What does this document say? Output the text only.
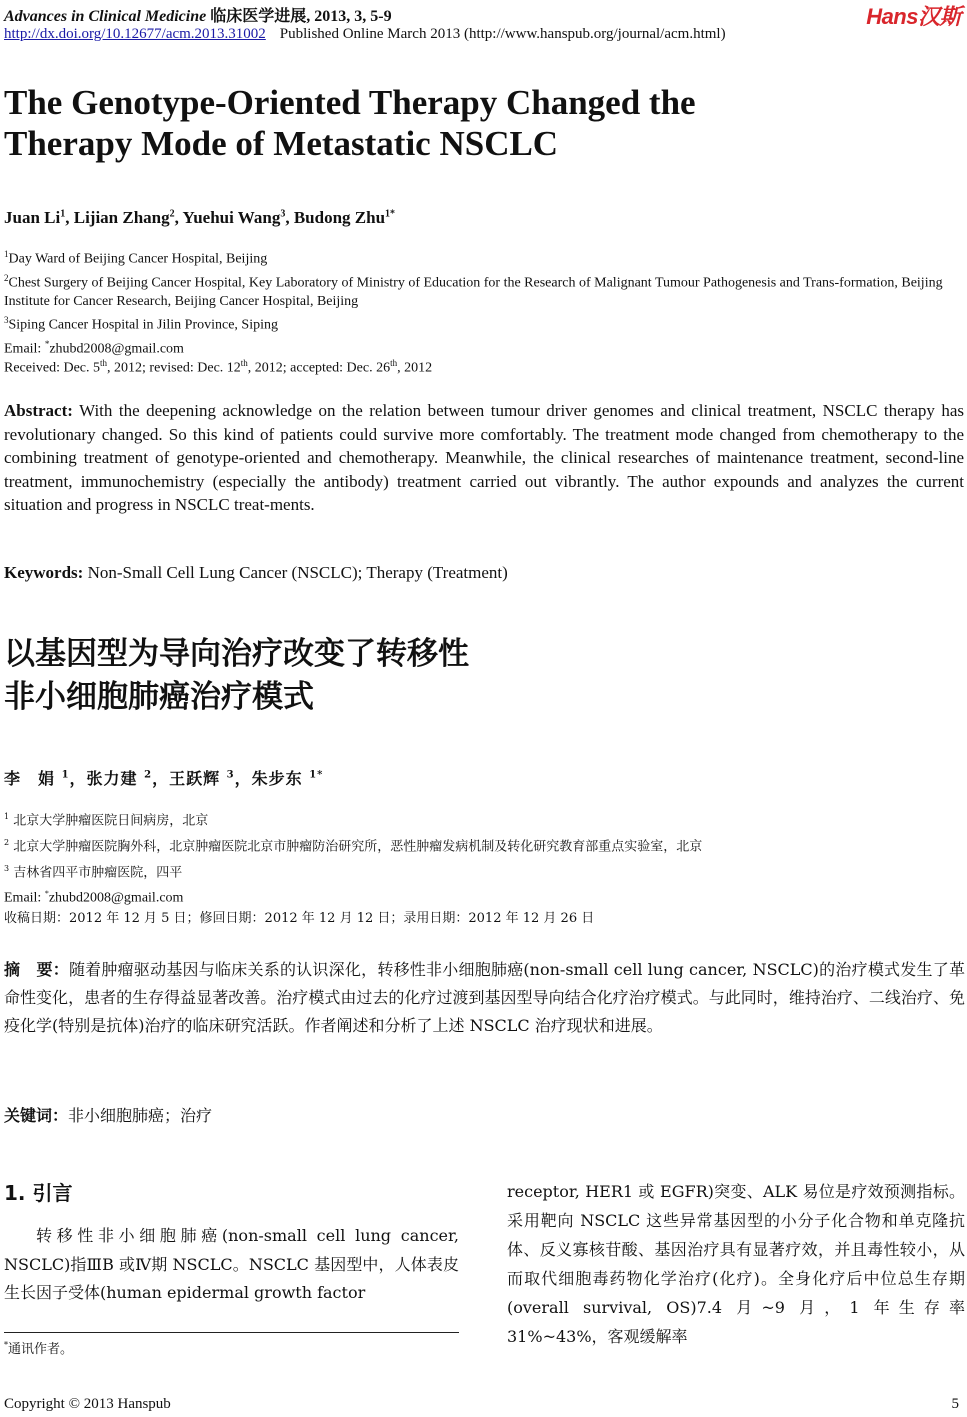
Advances in Clinical Medicine 临床医学进展, 2013, 3, 5-9
http://dx.doi.org/10.12677/acm.2013.31002 Published Online March 2013 (http://www.hanspub.org/journal/acm.html)
Hans汉斯
The Genotype-Oriented Therapy Changed the
Therapy Mode of Metastatic NSCLC
Juan Li$^1$, Lijian Zhang$^2$, Yuehui Wang$^3$, Budong Zhu$^{1*}$
$^1$Day Ward of Beijing Cancer Hospital, Beijing
$^2$Chest Surgery of Beijing Cancer Hospital, Key Laboratory of Ministry of Education for the Research of Malignant Tumour Pathogenesis and Trans-formation, Beijing Institute for Cancer Research, Beijing Cancer Hospital, Beijing
$^3$Siping Cancer Hospital in Jilin Province, Siping
Email: *zhubd2008@gmail.com
Received: Dec. 5th, 2012; revised: Dec. 12th, 2012; accepted: Dec. 26th, 2012
Abstract: With the deepening acknowledge on the relation between tumour driver genomes and clinical treatment, NSCLC therapy has revolutionary changed. So this kind of patients could survive more comfortably. The treatment mode changed from chemotherapy to the combining treatment of genotype-oriented and chemotherapy. Meanwhile, the clinical researches of maintenance treatment, second-line treatment, immunochemistry (especially the antibody) treatment carried out vibrantly. The author expounds and analyzes the current situation and progress in NSCLC treat-ments.
Keywords: Non-Small Cell Lung Cancer (NSCLC); Therapy (Treatment)
以基因型为导向治疗改变了转移性
非小细胞肺癌治疗模式
李　娟 $^1$，张力建 $^2$，王跃辉 $^3$，朱步东 $^{1*}$
$^1$ 北京大学肿瘤医院日间病房，北京
$^2$ 北京大学肿瘤医院胸外科，北京肿瘤医院北京市肿瘤防治研究所，恶性肿瘤发病机制及转化研究教育部重点实验室，北京
$^3$ 吉林省四平市肿瘤医院，四平
Email: *zhubd2008@gmail.com
收稿日期：2012 年 12 月 5 日；修回日期：2012 年 12 月 12 日；录用日期：2012 年 12 月 26 日
摘　要：随着肿瘤驱动基因与临床关系的认识深化，转移性非小细胞肺癌(non-small cell lung cancer, NSCLC)的治疗模式发生了革命性变化，患者的生存得益显著改善。治疗模式由过去的化疗过渡到基因型导向结合化疗治疗模式。与此同时，维持治疗、二线治疗、免疫化学(特别是抗体)治疗的临床研究活跃。作者阐述和分析了上述 NSCLC 治疗现状和进展。
关键词：非小细胞肺癌；治疗
1. 引言
转移性非小细胞肺癌(non-small cell lung cancer, NSCLC)指ⅢB 或Ⅳ期 NSCLC。NSCLC 基因型中，人体表皮生长因子受体(human epidermal growth factor
receptor, HER1 或 EGFR)突变、ALK 易位是疗效预测指标。采用靶向 NSCLC 这些异常基因型的小分子化合物和单克隆抗体、反义寡核苷酸、基因治疗具有显著疗效，并且毒性较小，从而取代细胞毒药物化学治疗(化疗)。全身化疗后中位总生存期(overall survival, OS)7.4 月~9 月，1 年生存率 31%~43%，客观缓解率
*通讯作者。
Copyright © 2013 Hanspub	5
